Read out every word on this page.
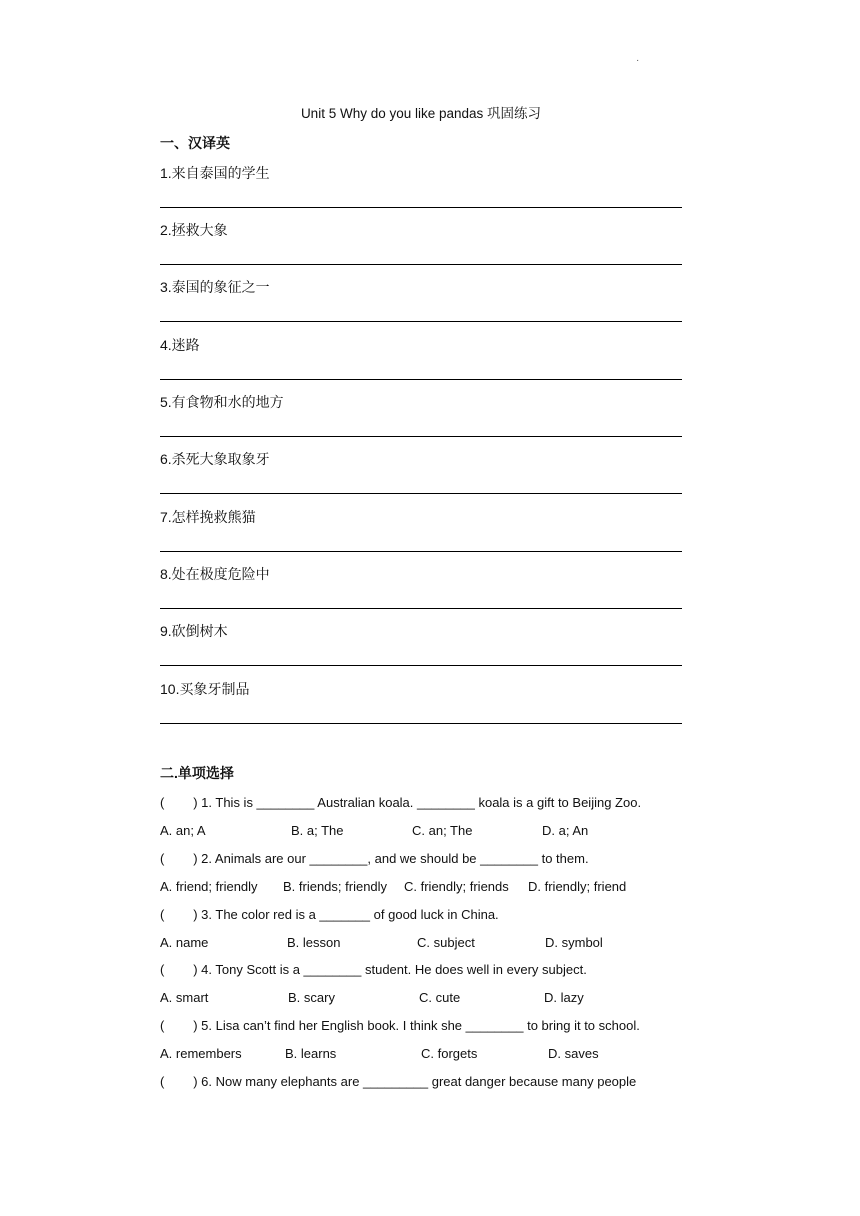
·
Unit 5 Why do you like pandas 巩固练习
一、汉译英
1.来自泰国的学生
2.拯救大象
3.泰国的象征之一
4.迷路
5.有食物和水的地方
6.杀死大象取象牙
7.怎样挽救熊猫
8.处在极度危险中
9.砍倒树木
10.买象牙制品
二.单项选择
(        ) 1. This is ________ Australian koala. ________ koala is a gift to Beijing Zoo.
A. an; A	B. a; The	C. an; The	D. a; An
(        ) 2. Animals are our ________, and we should be ________ to them.
A. friend; friendly B. friends; friendly C. friendly; friends D. friendly; friend
(        ) 3. The color red is a _______ of good luck in China.
A. name	B. lesson	C. subject	D. symbol
(        ) 4. Tony Scott is a ________ student. He does well in every subject.
A. smart	B. scary	C. cute	D. lazy
(        ) 5. Lisa can’t find her English book. I think she ________ to bring it to school.
A. remembers	B. learns	C. forgets	D. saves
(        ) 6. Now many elephants are _________ great danger because many people
